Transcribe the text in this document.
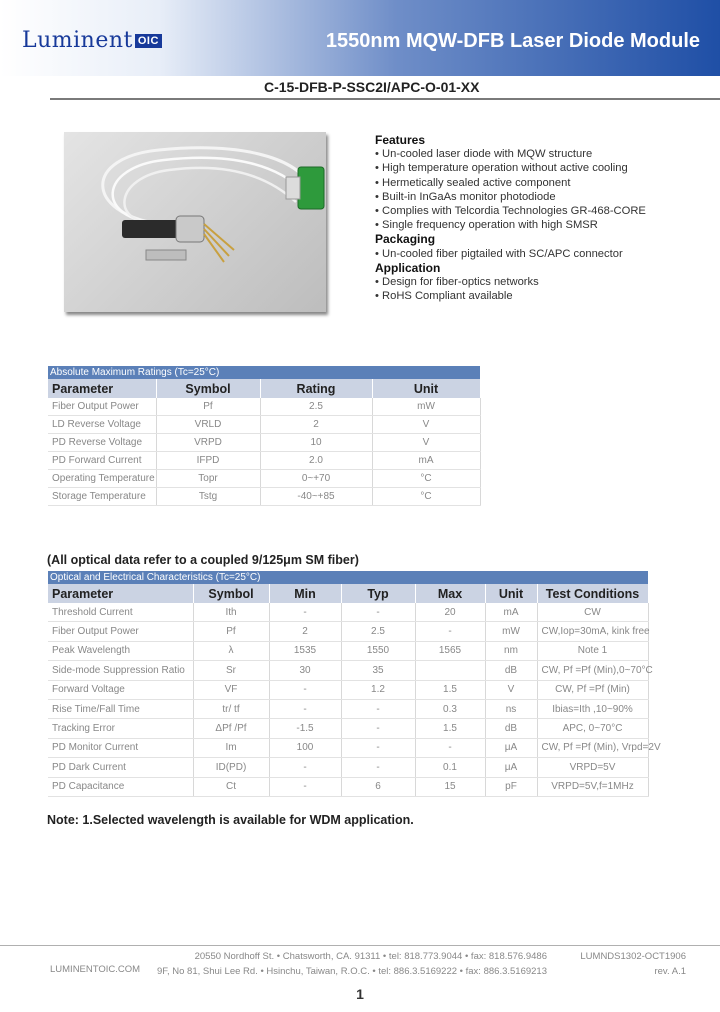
Luminent OIC	1550nm MQW-DFB Laser Diode Module
C-15-DFB-P-SSC2I/APC-O-01-XX
Features
• Un-cooled laser diode with MQW structure
• High temperature operation without active cooling
• Hermetically sealed active component
• Built-in InGaAs monitor photodiode
• Complies with Telcordia Technologies GR-468-CORE
• Single frequency operation with high SMSR
Packaging
• Un-cooled fiber pigtailed with SC/APC connector
Application
• Design for fiber-optics networks
• RoHS Compliant available
Absolute Maximum Ratings (Tc=25°C)
Parameter	Symbol	Rating	Unit
Fiber Output Power	Pf	2.5	mW
LD Reverse Voltage	VRLD	2	V
PD Reverse Voltage	VRPD	10	V
PD Forward Current	IFPD	2.0	mA
Operating Temperature	Topr	0~+70	°C
Storage Temperature	Tstg	-40~+85	°C
(All optical data refer to a coupled 9/125μm SM fiber)
Optical and Electrical Characteristics (Tc=25°C)
Parameter	Symbol	Min	Typ	Max	Unit	Test Conditions
Threshold Current	Ith	-	-	20	mA	CW
Fiber Output Power	Pf	2	2.5	-	mW	CW,Iop=30mA, kink free
Peak Wavelength	λ	1535	1550	1565	nm	Note 1
Side-mode Suppression Ratio	Sr	30	35		dB	CW, Pf =Pf (Min),0~70°C
Forward Voltage	VF	-	1.2	1.5	V	CW, Pf =Pf (Min)
Rise Time/Fall Time	tr/ tf	-	-	0.3	ns	Ibias=Ith ,10~90%
Tracking Error	ΔPf /Pf	-1.5	-	1.5	dB	APC, 0~70°C
PD Monitor Current	Im	100	-	-	μA	CW, Pf =Pf (Min), Vrpd=2V
PD Dark Current	ID(PD)	-	-	0.1	μA	VRPD=5V
PD Capacitance	Ct	-	6	15	pF	VRPD=5V,f=1MHz
Note: 1.Selected wavelength is available for WDM application.
LUMINENTOIC.COM
20550 Nordhoff St. • Chatsworth, CA. 91311 • tel: 818.773.9044 • fax: 818.576.9486
9F, No 81, Shui Lee Rd. • Hsinchu, Taiwan, R.O.C. • tel: 886.3.5169222 • fax: 886.3.5169213
LUMNDS1302-OCT1906
rev. A.1
1
